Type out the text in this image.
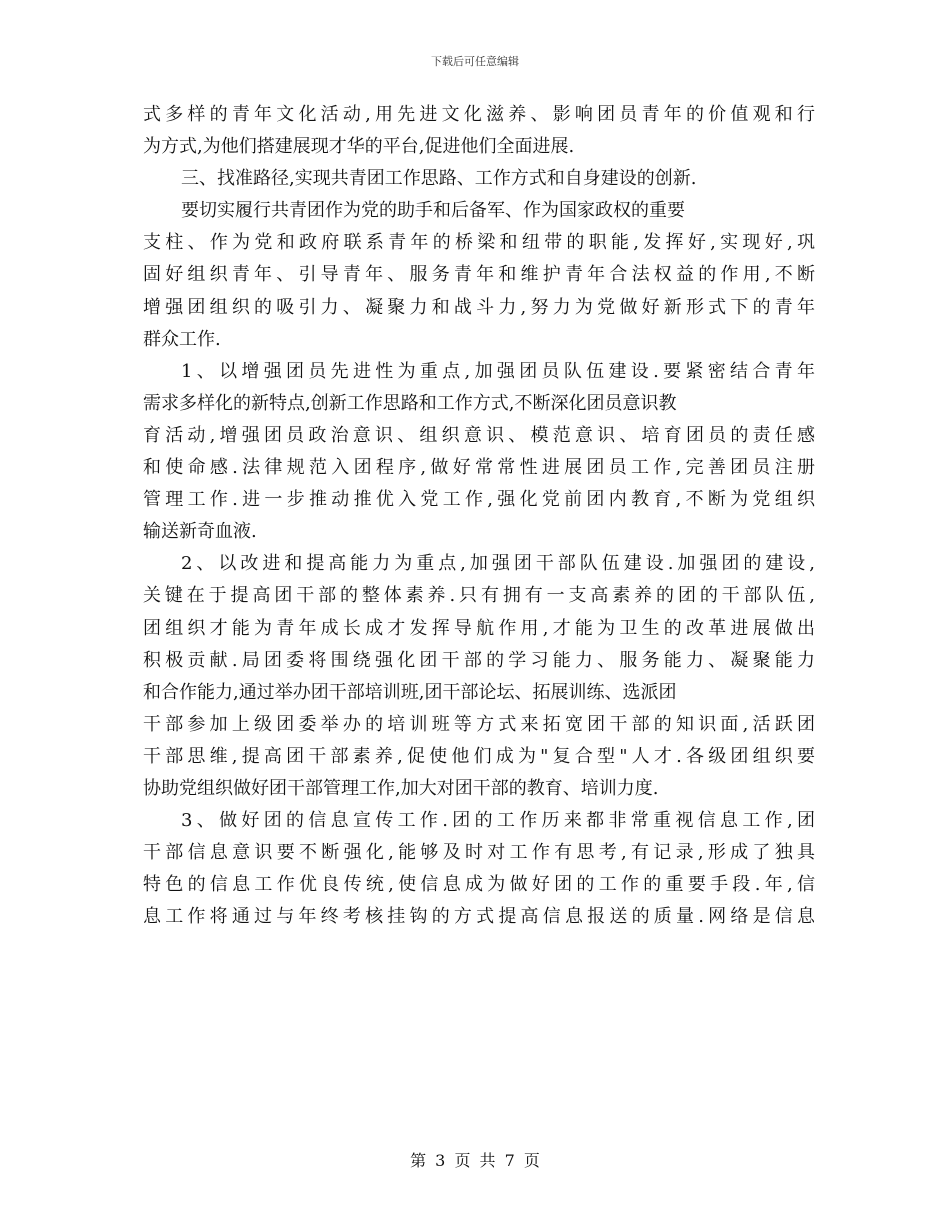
下载后可任意编辑
式多样的青年文化活动,用先进文化滋养、影响团员青年的价值观和行
为方式,为他们搭建展现才华的平台,促进他们全面进展.
三、找准路径,实现共青团工作思路、工作方式和自身建设的创新.
要切实履行共青团作为党的助手和后备军、作为国家政权的重要
支柱、作为党和政府联系青年的桥梁和纽带的职能,发挥好,实现好,巩
固好组织青年、引导青年、服务青年和维护青年合法权益的作用,不断
增强团组织的吸引力、凝聚力和战斗力,努力为党做好新形式下的青年
群众工作.
1、以增强团员先进性为重点,加强团员队伍建设.要紧密结合青年
需求多样化的新特点,创新工作思路和工作方式,不断深化团员意识教
育活动,增强团员政治意识、组织意识、模范意识、培育团员的责任感
和使命感.法律规范入团程序,做好常常性进展团员工作,完善团员注册
管理工作.进一步推动推优入党工作,强化党前团内教育,不断为党组织
输送新奇血液.
2、以改进和提高能力为重点,加强团干部队伍建设.加强团的建设,
关键在于提高团干部的整体素养.只有拥有一支高素养的团的干部队伍,
团组织才能为青年成长成才发挥导航作用,才能为卫生的改革进展做出
积极贡献.局团委将围绕强化团干部的学习能力、服务能力、凝聚能力
和合作能力,通过举办团干部培训班,团干部论坛、拓展训练、选派团
干部参加上级团委举办的培训班等方式来拓宽团干部的知识面,活跃团
干部思维,提高团干部素养,促使他们成为"复合型"人才.各级团组织要
协助党组织做好团干部管理工作,加大对团干部的教育、培训力度.
3、做好团的信息宣传工作.团的工作历来都非常重视信息工作,团
干部信息意识要不断强化,能够及时对工作有思考,有记录,形成了独具
特色的信息工作优良传统,使信息成为做好团的工作的重要手段.年,信
息工作将通过与年终考核挂钩的方式提高信息报送的质量.网络是信息
第 3 页 共 7 页
